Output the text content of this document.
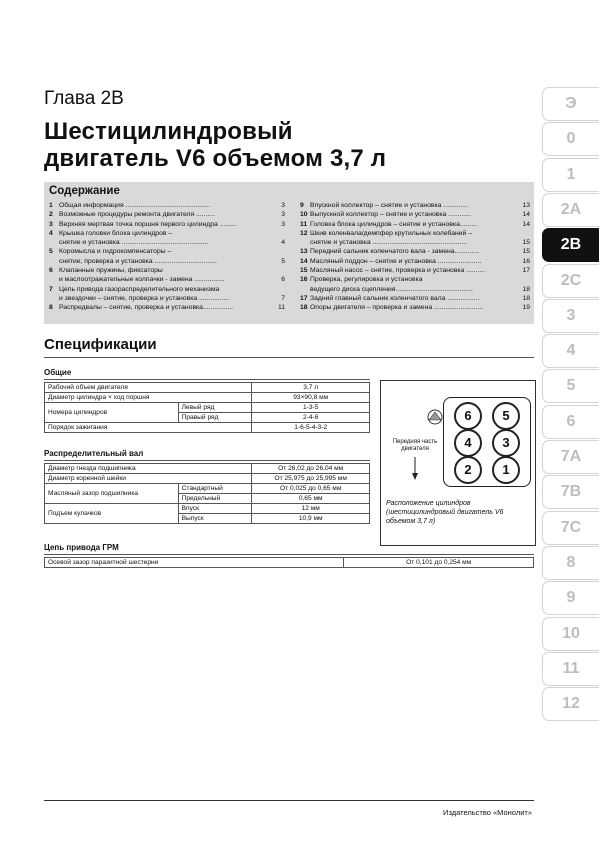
Глава 2В
Шестицилиндровый
двигатель V6 объемом 3,7 л
Содержание
1 Общая информация .............................................	3
2 Возможные процедуры ремонта двигателя ..........	3
3 Верхняя мертвая точка поршня первого цилиндра .........	3
4 Крышка головки блока цилиндров –
снятие и установка ..............................................	4
5 Коромысла и гидрокомпенсаторы –
снятие, проверка и установка .................................	5
6 Клапанные пружины, фиксаторы
и маслоотражательные колпачки - замена ................	6
7 Цепь привода газораспределительного механизма
и звездочки – снятие, проверка и установка ................	7
8 Распредвалы – снятие, проверка и установка................	11
9 Впускной коллектор – снятие и установка .............	13
10 Выпускной коллектор – снятие и установка ............	14
11 Головка блока цилиндров – снятие и установка.........	14
12 Шкив коленвала/демпфер крутильных колебаний –
снятие и установка ..................................................	15
13 Передний сальник коленчатого вала - замена.............	15
14 Масляный поддон – снятие и установка .......................	16
15 Масляный насос – снятие, проверка и установка ..........	17
16 Проверка, регулировка и установка
ведущего диска сцепления.........................................	18
17 Задний главный сальник коленчатого вала .................	18
18 Опоры двигателя – проверка и замена ..........................	19
Спецификации
Общие
Рабочий объем двигателя		3,7 л
Диаметр цилиндра × ход поршня		93×90,8 мм
Номера цилиндров	Левый ряд	1-3-5
	Правый ряд	2-4-6
Порядок зажигания		1-6-5-4-3-2
Распределительный вал
Диаметр гнезда подшипника		От 26,02 до 26,04 мм
Диаметр коренной шейки		От 25,975 до 25,995 мм
Масляный зазор подшипника	Стандартный	От 0,025 до 0,65 мм
	Предельный	0,65 мм
Подъем кулачков	Впуск	12 мм
	Выпуск	10,9 мм
Цепь привода ГРМ
Осевой зазор паразитной шестерни	От 0,101 до 0,254 мм
6	5
4	3
2	1
Передняя часть двигателя
Расположение цилиндров (шестицилиндровый двигатель V6 объемом 3,7 л)
Э
0
1
2А
2В
2С
3
4
5
6
7А
7В
7С
8
9
10
11
12
Издательство «Монолит»
